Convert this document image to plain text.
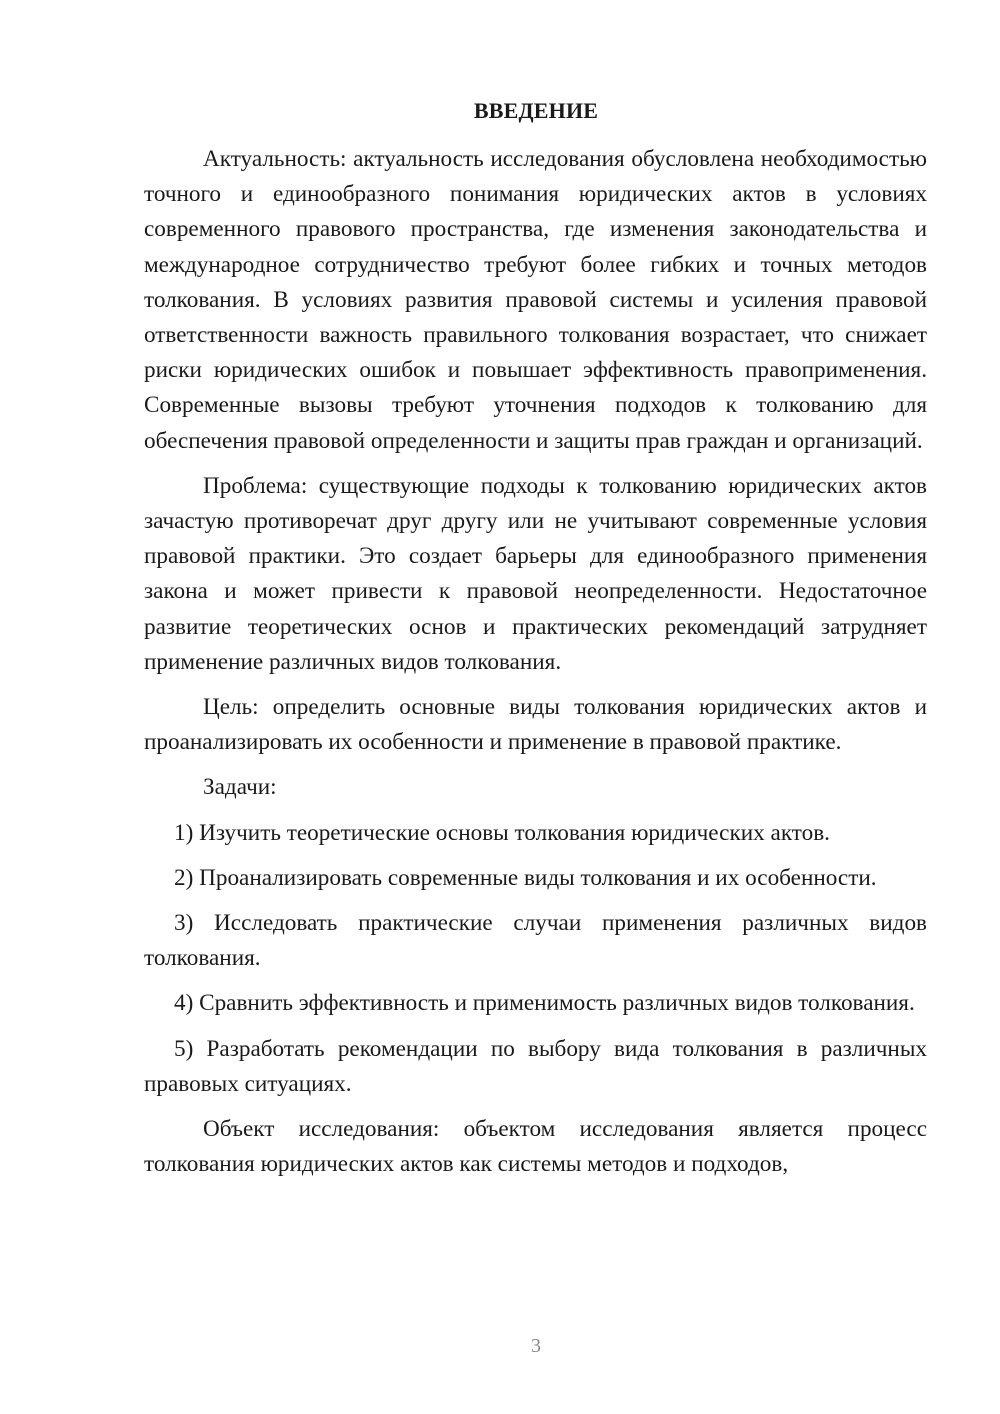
ВВЕДЕНИЕ

Актуальность: актуальность исследования обусловлена необходимостью точного и единообразного понимания юридических актов в условиях современного правового пространства, где изменения законодательства и международное сотрудничество требуют более гибких и точных методов толкования. В условиях развития правовой системы и усиления правовой ответственности важность правильного толкования возрастает, что снижает риски юридических ошибок и повышает эффективность правоприменения. Современные вызовы требуют уточнения подходов к толкованию для обеспечения правовой определенности и защиты прав граждан и организаций.

Проблема: существующие подходы к толкованию юридических актов зачастую противоречат друг другу или не учитывают современные условия правовой практики. Это создает барьеры для единообразного применения закона и может привести к правовой неопределенности. Недостаточное развитие теоретических основ и практических рекомендаций затрудняет применение различных видов толкования.

Цель: определить основные виды толкования юридических актов и проанализировать их особенности и применение в правовой практике.

Задачи:

1) Изучить теоретические основы толкования юридических актов.

2) Проанализировать современные виды толкования и их особенности.

3) Исследовать практические случаи применения различных видов толкования.

4) Сравнить эффективность и применимость различных видов толкования.

5) Разработать рекомендации по выбору вида толкования в различных правовых ситуациях.

Объект исследования: объектом исследования является процесс толкования юридических актов как системы методов и подходов,

3
